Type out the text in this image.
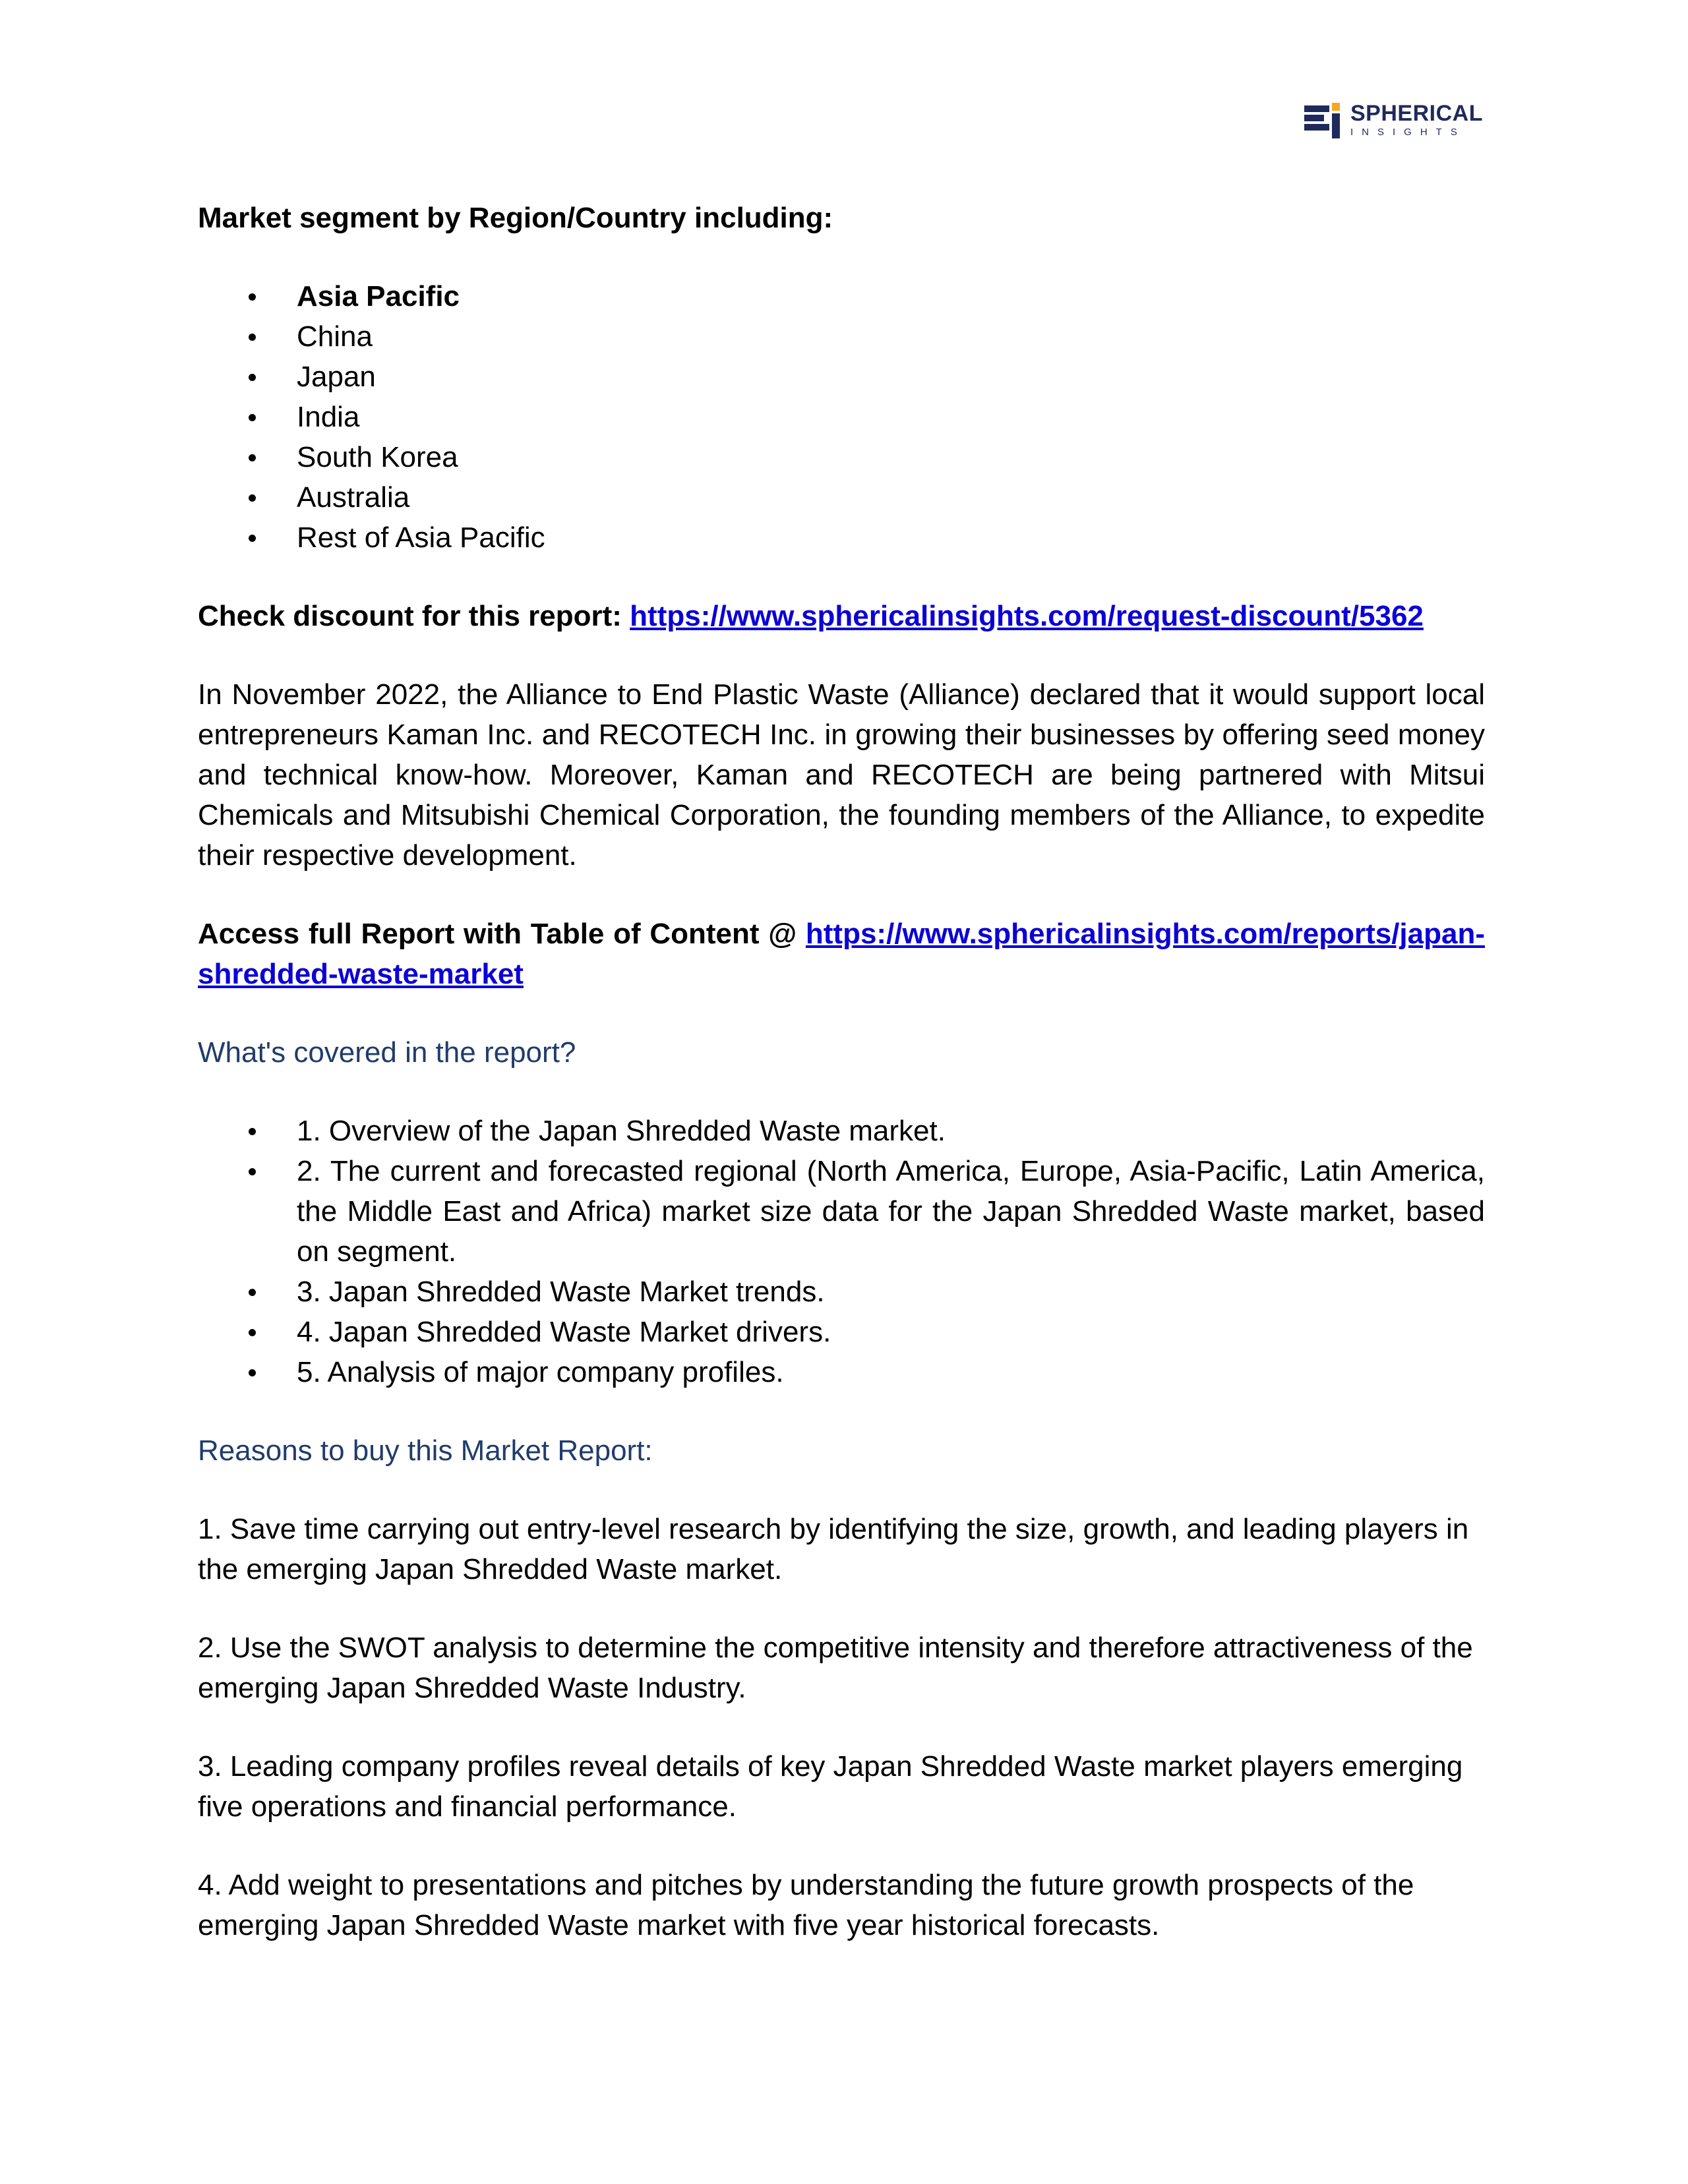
SPHERICAL
INSIGHTS

Market segment by Region/Country including:

Asia Pacific
China
Japan
India
South Korea
Australia
Rest of Asia Pacific

Check discount for this report: https://www.sphericalinsights.com/request-discount/5362

In November 2022, the Alliance to End Plastic Waste (Alliance) declared that it would support local entrepreneurs Kaman Inc. and RECOTECH Inc. in growing their businesses by offering seed money and technical know-how. Moreover, Kaman and RECOTECH are being partnered with Mitsui Chemicals and Mitsubishi Chemical Corporation, the founding members of the Alliance, to expedite their respective development.

Access full Report with Table of Content @ https://www.sphericalinsights.com/reports/japan-shredded-waste-market

What's covered in the report?

1. Overview of the Japan Shredded Waste market.
2. The current and forecasted regional (North America, Europe, Asia-Pacific, Latin America, the Middle East and Africa) market size data for the Japan Shredded Waste market, based on segment.
3. Japan Shredded Waste Market trends.
4. Japan Shredded Waste Market drivers.
5. Analysis of major company profiles.

Reasons to buy this Market Report:

1. Save time carrying out entry-level research by identifying the size, growth, and leading players in the emerging Japan Shredded Waste market.

2. Use the SWOT analysis to determine the competitive intensity and therefore attractiveness of the emerging Japan Shredded Waste Industry.

3. Leading company profiles reveal details of key Japan Shredded Waste market players emerging five operations and financial performance.

4. Add weight to presentations and pitches by understanding the future growth prospects of the emerging Japan Shredded Waste market with five year historical forecasts.
